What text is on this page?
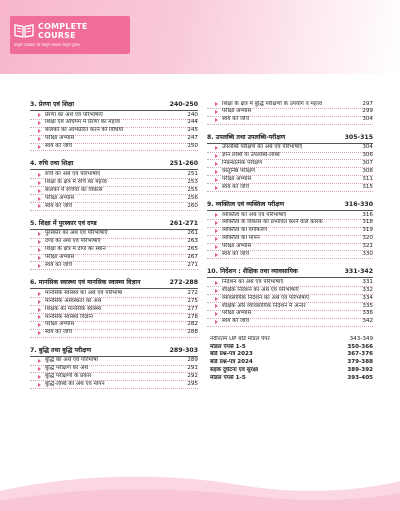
COMPLETE
COURSE
सम्पूर्ण पाठ्यक्रम एवं सम्पूर्ण अध्ययन सम्पूर्ण पुस्तक
3. प्रेरणा एवं शिक्षा	240-250
प्रेरणा का अर्थ एवं परिभाषाएँ	240
शिक्षा एवं अधिगम में प्रेरणा का महत्त्व	244
बालकों को अभिप्रेरित करने की विधियाँ	245
परीक्षा अभ्यास	247
स्वयं को जाँचें	250
4. रुचि तथा शिक्षा	251-260
रुचि का अर्थ एवं परिभाषाएँ	251
शिक्षा के क्षेत्र में रुचि का महत्त्व	253
बालकों में रुचियों का विकास	255
परीक्षा अभ्यास	256
स्वयं को जाँचें	260
5. शिक्षा में पुरस्कार एवं दण्ड	261-271
पुरस्कार का अर्थ एवं परिभाषाएँ	261
दण्ड का अर्थ एवं परिभाषाएँ	263
शिक्षा के क्षेत्र में दण्ड का स्थान	265
परीक्षा अभ्यास	267
स्वयं को जाँचें	271
6. मानसिक स्वास्थ्य एवं मानसिक स्वास्थ्य विज्ञान	272-288
मानसिक स्वास्थ्य का अर्थ एवं परिभाषा	272
मानसिक अस्वस्थता का अर्थ	275
शिक्षक का मानसिक स्वास्थ्य	277
मानसिक स्वास्थ्य विज्ञान	278
परीक्षा अभ्यास	282
स्वयं को जाँचें	288
7. बुद्धि तथा बुद्धि परीक्षण	289-303
बुद्धि का अर्थ एवं परिभाषा	289
बुद्धि परीक्षण का अर्थ	291
बुद्धि परीक्षणों के प्रकार	292
बुद्धि-लब्धि का अर्थ एवं मापन	295
शिक्षा के क्षेत्र में बुद्धि परीक्षणों के उपयोग व महत्त्व	297
परीक्षा अभ्यास	299
स्वयं को जाँचें	304
8. उपलब्धि तथा उपलब्धि-परीक्षण	305-315
उपलब्धि परीक्षण का अर्थ एवं परिभाषाएँ	304
ज्ञान लब्धि या उपलब्धि-लब्धि	306
निबन्धात्मक परीक्षण	307
वस्तुनिष्ठ परीक्षण	308
परीक्षा अभ्यास	311
स्वयं को जाँचें	315
9. व्यक्तित्व एवं व्यक्तित्व परीक्षण	316-330
व्यक्तित्व का अर्थ एवं परिभाषाएँ	316
व्यक्तित्व के विकास को प्रभावित करने वाले कारक	318
व्यक्तित्व का वर्गीकरण	319
व्यक्तित्व का मापन	320
परीक्षा अभ्यास	321
स्वयं को जाँचें	330
10. निर्देशन : शैक्षिक तथा व्यावसायिक	331-342
निर्देशन का अर्थ एवं परिभाषाएँ	331
शैक्षिक निर्देशन का अर्थ एवं परिभाषाएँ	332
व्यावसायिक निर्देशन का अर्थ एवं परिभाषाएँ	334
शैक्षिक और व्यावसायिक निर्देशन में अन्तर	335
परीक्षा अभ्यास	336
स्वयं को जाँचें	342
नवीनतम UP बोर्ड मॉडल पेपर	343-349
मॉडल पेपर्स 1-5	350-366
बोर्ड प्रश्न-पत्र 2023	367-376
बोर्ड प्रश्न-पत्र 2024	379-388
सड़क दुर्घटना एवं सुरक्षा	389-392
मॉडल पेपर्स 1-5	393-405
